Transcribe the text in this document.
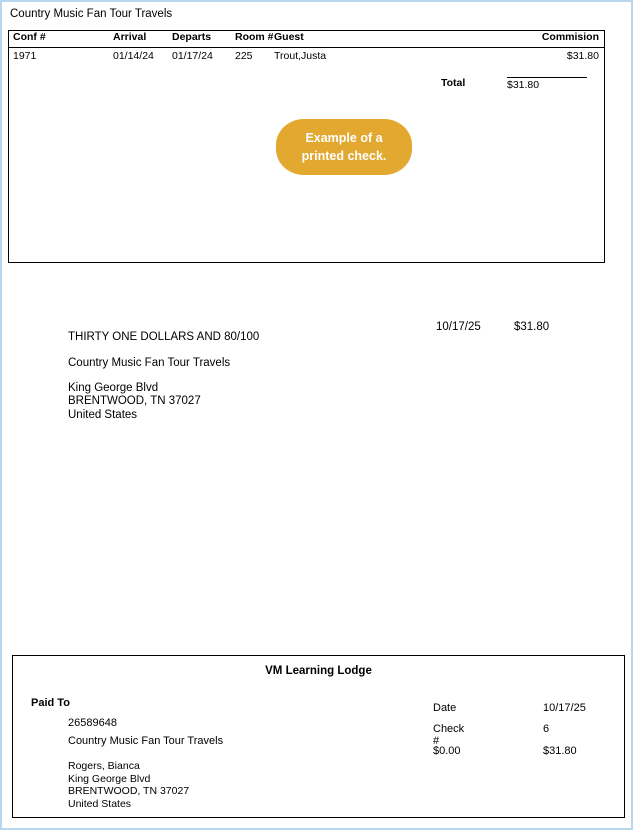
Country Music Fan Tour Travels
Conf #	Arrival Departs Room # Guest	Commision
1971	01/14/24 01/17/24 225 Trout,Justa	$31.80
Total	$31.80
Example of a
printed check.
10/17/25	$31.80
THIRTY ONE DOLLARS AND 80/100
Country Music Fan Tour Travels
King George Blvd
BRENTWOOD, TN 37027
United States
VM Learning Lodge
Paid To
26589648
Country Music Fan Tour Travels
Rogers, Bianca
King George Blvd
BRENTWOOD, TN 37027
United States
Date	10/17/25
Check #
6
$0.00	$31.80
